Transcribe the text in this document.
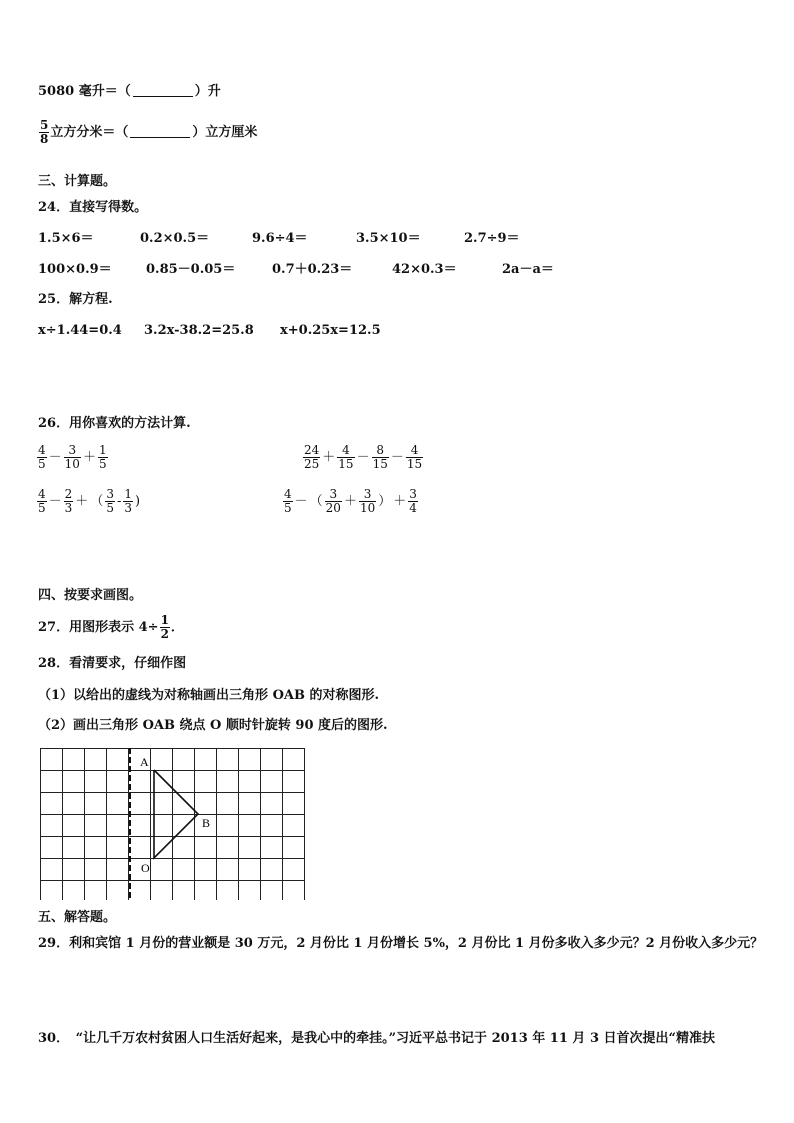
5080 毫升＝（	）升
$\frac{5}{8}$ 立方分米＝（	）立方厘米
三、计算题。
24．直接写得数。
1.5×6＝	0.2×0.5＝	9.6÷4＝	3.5×10＝	2.7÷9＝
100×0.9＝	0.85－0.05＝	0.7＋0.23＝	42×0.3＝	2a－a＝
25．解方程.
x÷1.44=0.4 3.2x-38.2=25.8 x+0.25x=12.5
26．用你喜欢的方法计算.
$\frac{4}{5} - \frac{3}{10} + \frac{1}{5}$	$\frac{24}{25} + \frac{4}{15} - \frac{8}{15} - \frac{4}{15}$
$\frac{4}{5} - \frac{2}{3}$ ＋ （ $\frac{3}{5} - \frac{1}{3}$ )	$\frac{4}{5}$ － （ $\frac{3}{20} + \frac{3}{10}$ ） ＋ $\frac{3}{4}$
四、按要求画图。
27．用图形表示 $4\div \frac{1}{2}$ ．
28．看清要求，仔细作图
（1）以给出的虚线为对称轴画出三角形 OAB 的对称图形.
（2）画出三角形 OAB 绕点 O 顺时针旋转 90 度后的图形.
A
B
O
五、解答题。
29．利和宾馆 1 月份的营业额是 30 万元，2 月份比 1 月份增长 5%，2 月份比 1 月份多收入多少元？2 月份收入多少元？
30．　“让几千万农村贫困人口生活好起来，是我心中的牵挂。”习近平总书记于 2013 年 11 月 3 日首次提出“精准扶
